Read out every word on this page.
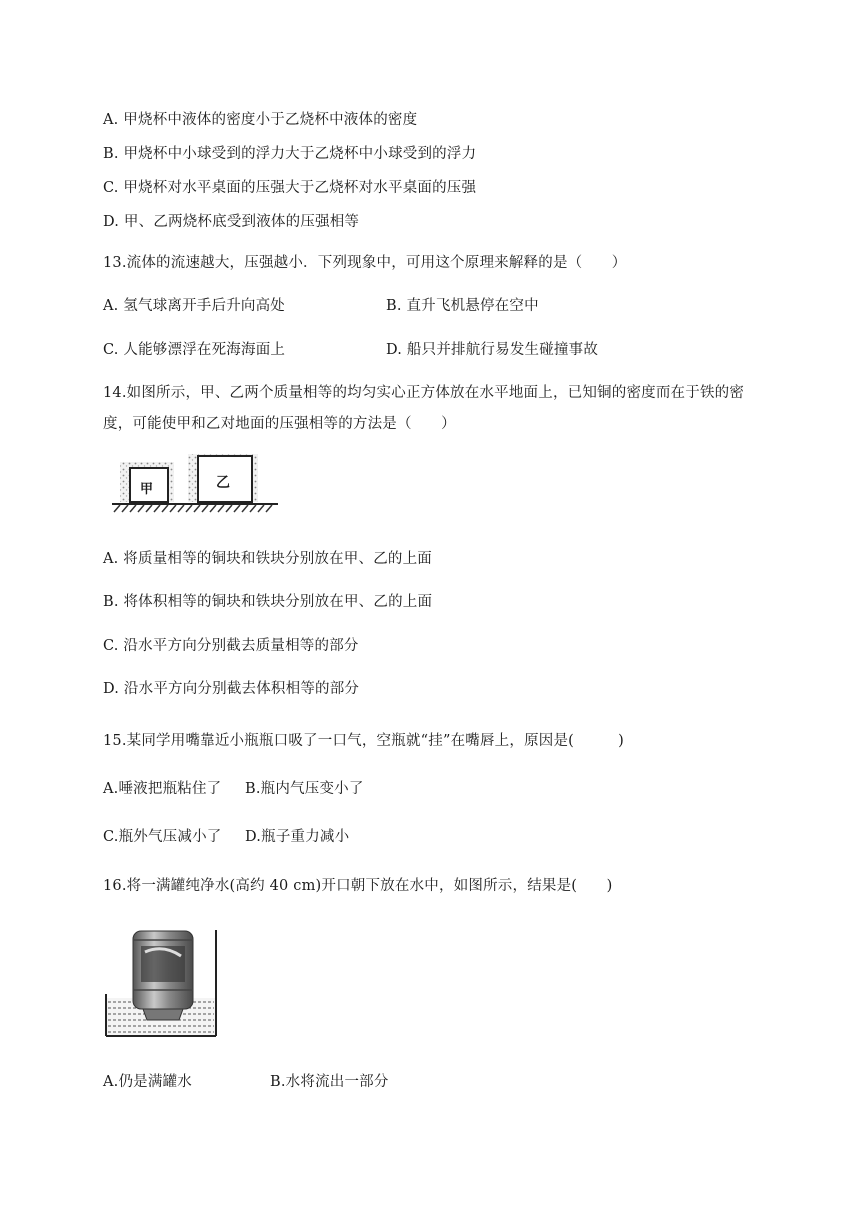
A. 甲烧杯中液体的密度小于乙烧杯中液体的密度
B. 甲烧杯中小球受到的浮力大于乙烧杯中小球受到的浮力
C. 甲烧杯对水平桌面的压强大于乙烧杯对水平桌面的压强
D. 甲、乙两烧杯底受到液体的压强相等
13.流体的流速越大，压强越小．下列现象中，可用这个原理来解释的是（　　）
A. 氢气球离开手后升向高处	B. 直升飞机悬停在空中
C. 人能够漂浮在死海海面上	D. 船只并排航行易发生碰撞事故
14.如图所示，甲、乙两个质量相等的均匀实心正方体放在水平地面上，已知铜的密度而在于铁的密
度，可能使甲和乙对地面的压强相等的方法是（　　）
甲	乙
A. 将质量相等的铜块和铁块分别放在甲、乙的上面
B. 将体积相等的铜块和铁块分别放在甲、乙的上面
C. 沿水平方向分别截去质量相等的部分
D. 沿水平方向分别截去体积相等的部分
15.某同学用嘴靠近小瓶瓶口吸了一口气，空瓶就“挂”在嘴唇上，原因是(　　　)
A.唾液把瓶粘住了 B.瓶内气压变小了
C.瓶外气压减小了 D.瓶子重力减小
16.将一满罐纯净水(高约 40 cm)开口朝下放在水中，如图所示，结果是(　　)
A.仍是满罐水	B.水将流出一部分
